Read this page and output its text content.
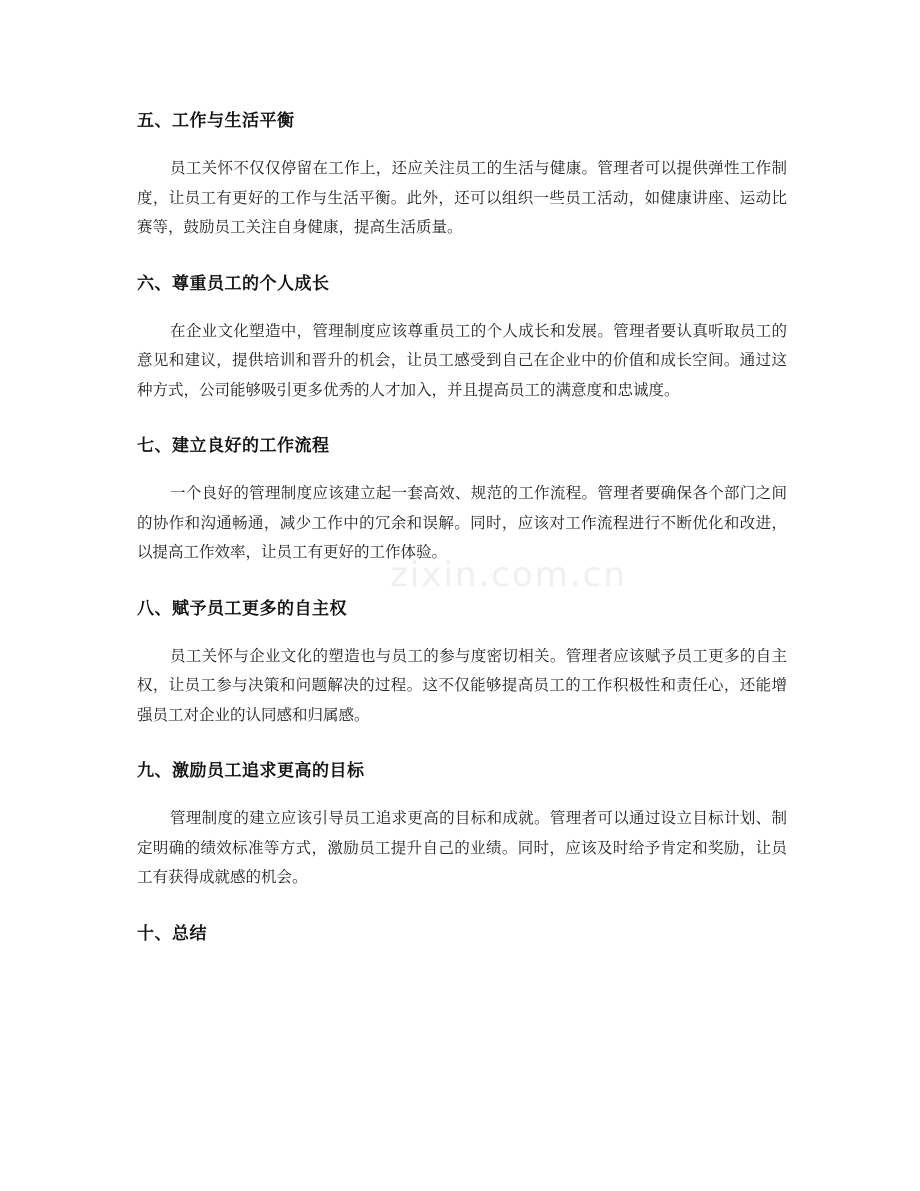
五、工作与生活平衡

员工关怀不仅仅停留在工作上，还应关注员工的生活与健康。管理者可以提供弹性工作制度，让员工有更好的工作与生活平衡。此外，还可以组织一些员工活动，如健康讲座、运动比赛等，鼓励员工关注自身健康，提高生活质量。

六、尊重员工的个人成长

在企业文化塑造中，管理制度应该尊重员工的个人成长和发展。管理者要认真听取员工的意见和建议，提供培训和晋升的机会，让员工感受到自己在企业中的价值和成长空间。通过这种方式，公司能够吸引更多优秀的人才加入，并且提高员工的满意度和忠诚度。

七、建立良好的工作流程

一个良好的管理制度应该建立起一套高效、规范的工作流程。管理者要确保各个部门之间的协作和沟通畅通，减少工作中的冗余和误解。同时，应该对工作流程进行不断优化和改进，以提高工作效率，让员工有更好的工作体验。

八、赋予员工更多的自主权

员工关怀与企业文化的塑造也与员工的参与度密切相关。管理者应该赋予员工更多的自主权，让员工参与决策和问题解决的过程。这不仅能够提高员工的工作积极性和责任心，还能增强员工对企业的认同感和归属感。

九、激励员工追求更高的目标

管理制度的建立应该引导员工追求更高的目标和成就。管理者可以通过设立目标计划、制定明确的绩效标准等方式，激励员工提升自己的业绩。同时，应该及时给予肯定和奖励，让员工有获得成就感的机会。

十、总结
zixin.com.cn
